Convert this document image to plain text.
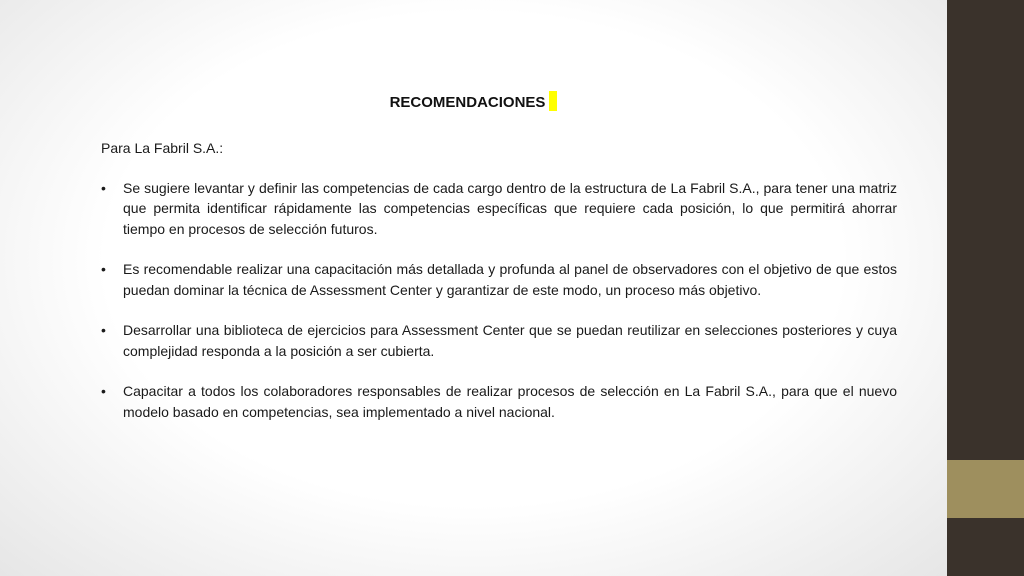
RECOMENDACIONES

Para La Fabril S.A.:

• Se sugiere levantar y definir las competencias de cada cargo dentro de la estructura de La Fabril S.A., para tener una matriz que permita identificar rápidamente las competencias específicas que requiere cada posición, lo que permitirá ahorrar tiempo en procesos de selección futuros.
• Es recomendable realizar una capacitación más detallada y profunda al panel de observadores con el objetivo de que estos puedan dominar la técnica de Assessment Center y garantizar de este modo, un proceso más objetivo.
• Desarrollar una biblioteca de ejercicios para Assessment Center que se puedan reutilizar en selecciones posteriores y cuya complejidad responda a la posición a ser cubierta.
• Capacitar a todos los colaboradores responsables de realizar procesos de selección en La Fabril S.A., para que el nuevo modelo basado en competencias, sea implementado a nivel nacional.
